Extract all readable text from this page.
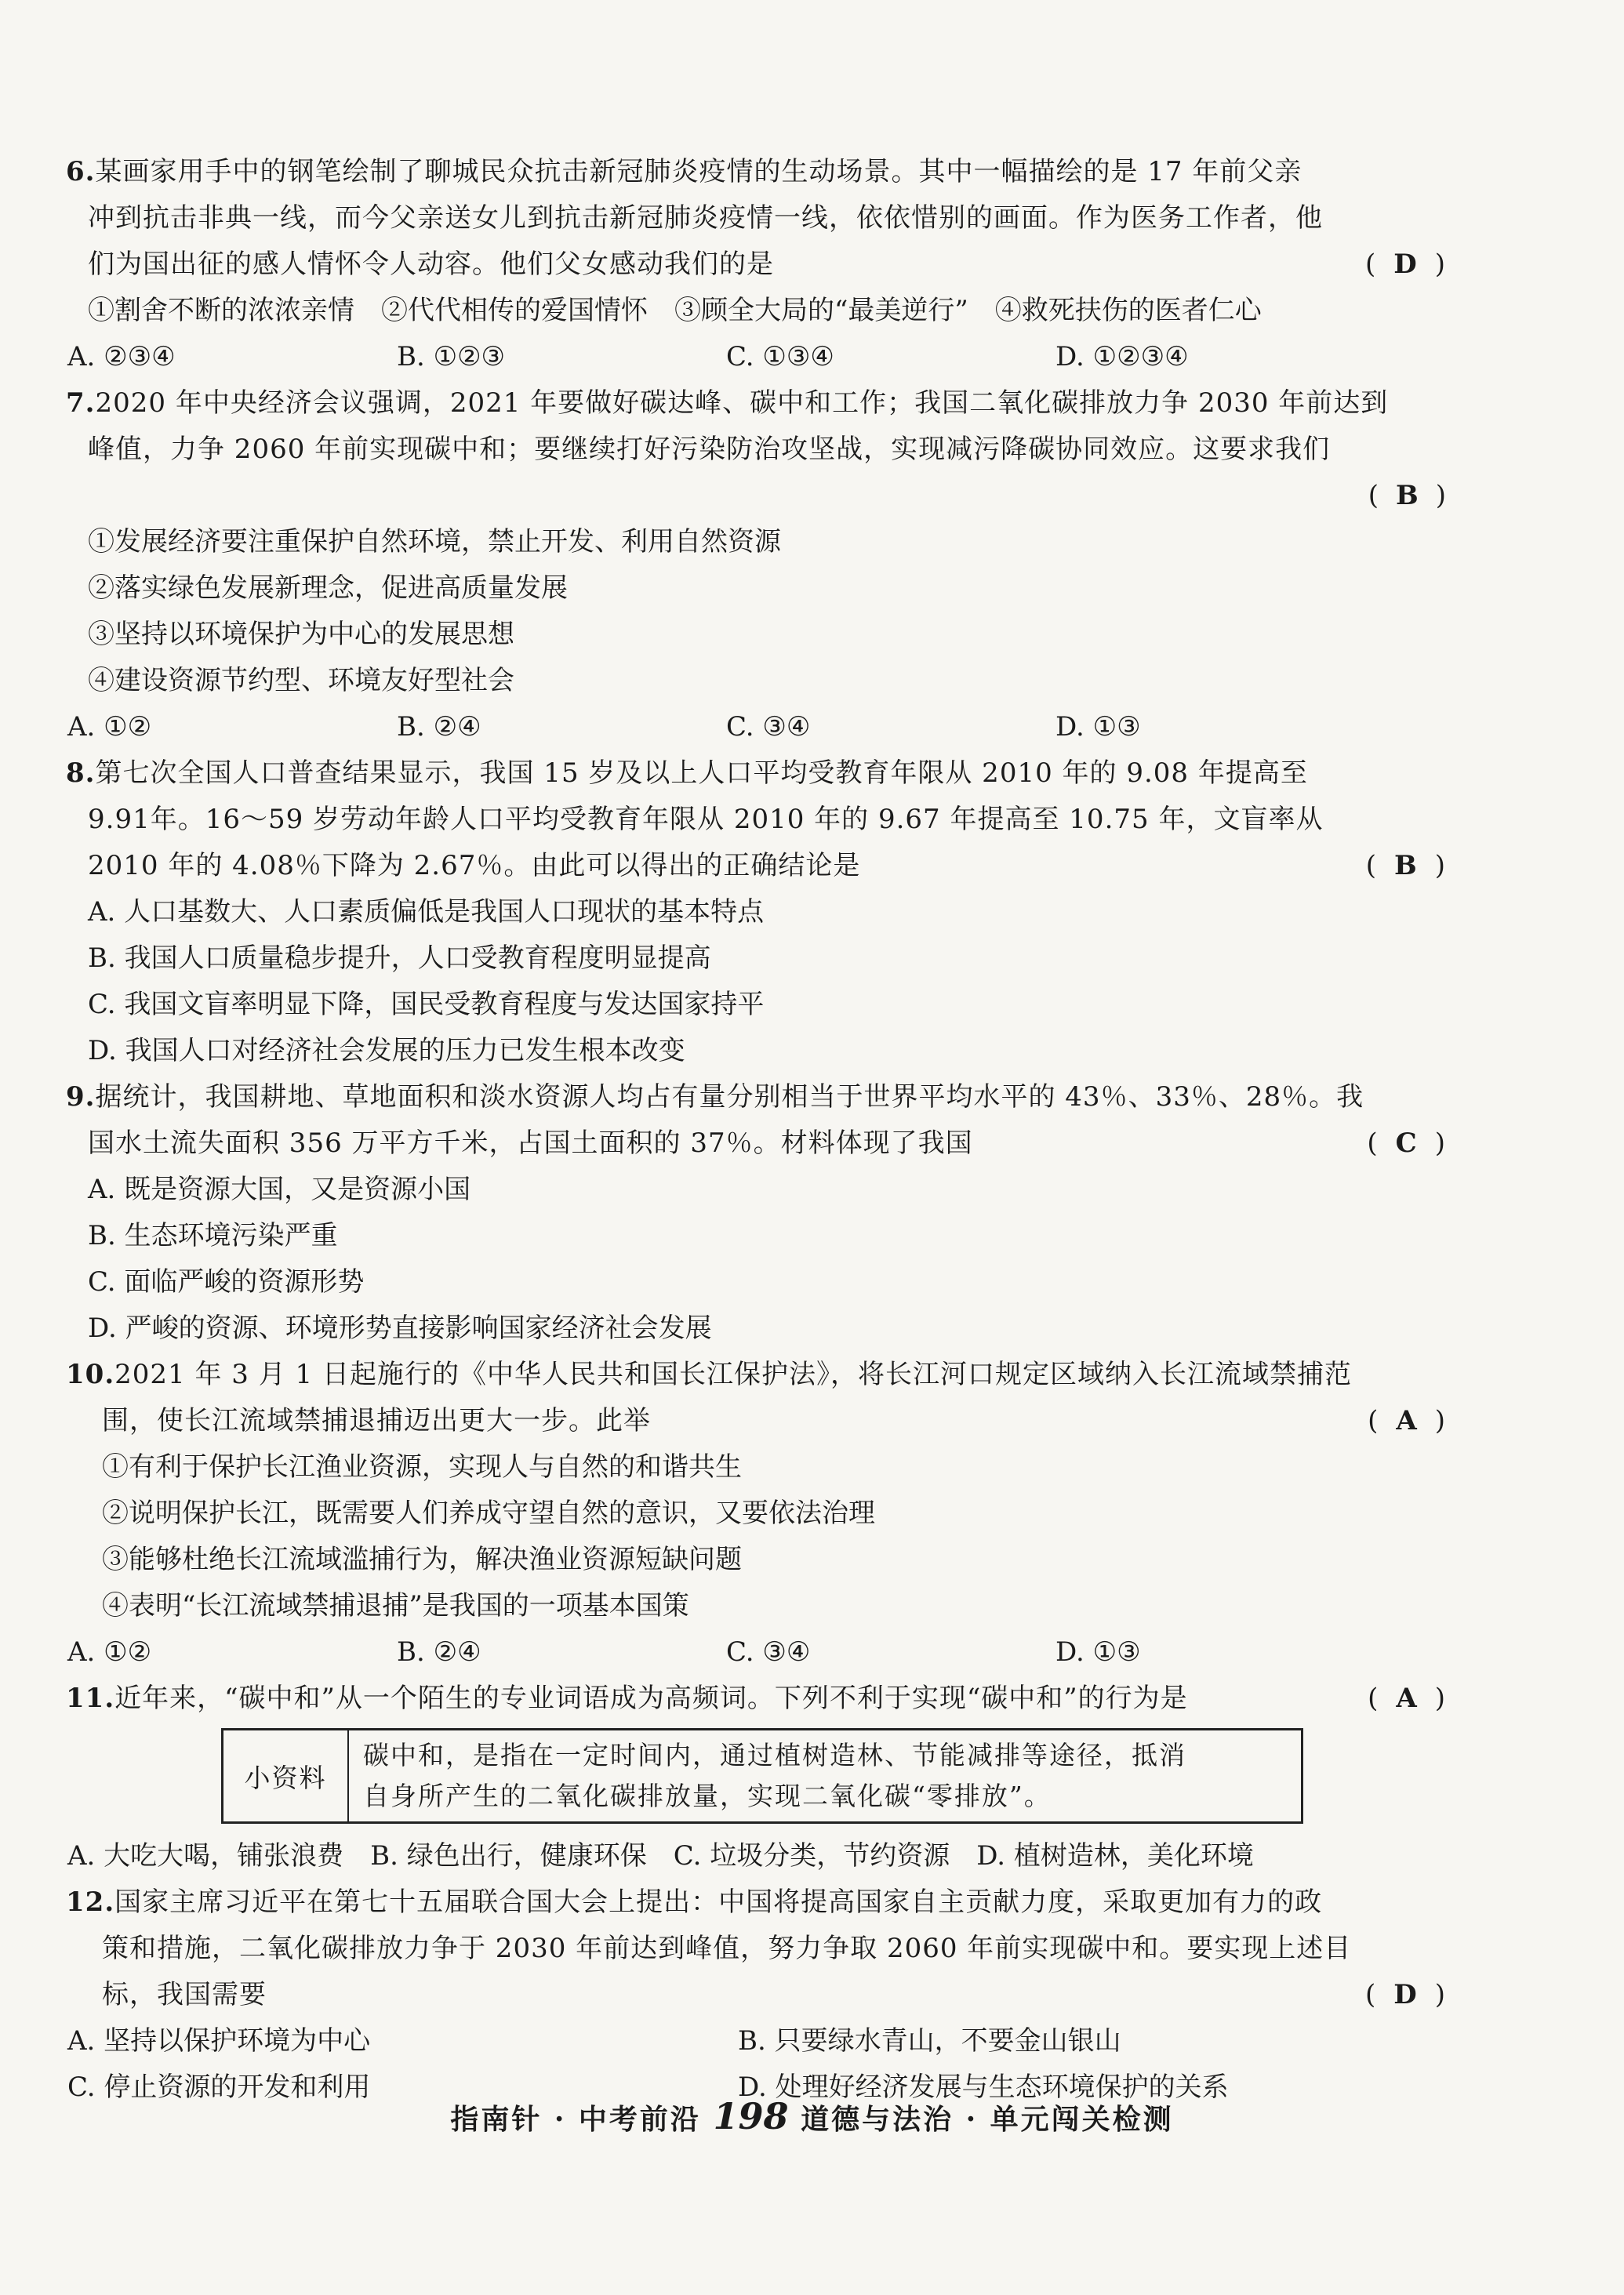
6.某画家用手中的钢笔绘制了聊城民众抗击新冠肺炎疫情的生动场景。其中一幅描绘的是 17 年前父亲
冲到抗击非典一线，而今父亲送女儿到抗击新冠肺炎疫情一线，依依惜别的画面。作为医务工作者，他
们为国出征的感人情怀令人动容。他们父女感动我们的是	( D )
①割舍不断的浓浓亲情　②代代相传的爱国情怀　③顾全大局的“最美逆行”　④救死扶伤的医者仁心
A. ②③④	B. ①②③	C. ①③④	D. ①②③④
7.2020 年中央经济会议强调，2021 年要做好碳达峰、碳中和工作；我国二氧化碳排放力争 2030 年前达到
峰值，力争 2060 年前实现碳中和；要继续打好污染防治攻坚战，实现减污降碳协同效应。这要求我们
( B )
①发展经济要注重保护自然环境，禁止开发、利用自然资源
②落实绿色发展新理念，促进高质量发展
③坚持以环境保护为中心的发展思想
④建设资源节约型、环境友好型社会
A. ①②	B. ②④	C. ③④	D. ①③
8.第七次全国人口普查结果显示，我国 15 岁及以上人口平均受教育年限从 2010 年的 9.08 年提高至
9.91年。16～59 岁劳动年龄人口平均受教育年限从 2010 年的 9.67 年提高至 10.75 年，文盲率从
2010 年的 4.08％下降为 2.67％。由此可以得出的正确结论是	( B )
A. 人口基数大、人口素质偏低是我国人口现状的基本特点
B. 我国人口质量稳步提升，人口受教育程度明显提高
C. 我国文盲率明显下降，国民受教育程度与发达国家持平
D. 我国人口对经济社会发展的压力已发生根本改变
9.据统计，我国耕地、草地面积和淡水资源人均占有量分别相当于世界平均水平的 43％、33％、28％。我
国水土流失面积 356 万平方千米，占国土面积的 37％。材料体现了我国	( C )
A. 既是资源大国，又是资源小国
B. 生态环境污染严重
C. 面临严峻的资源形势
D. 严峻的资源、环境形势直接影响国家经济社会发展
10.2021 年 3 月 1 日起施行的《中华人民共和国长江保护法》，将长江河口规定区域纳入长江流域禁捕范
围，使长江流域禁捕退捕迈出更大一步。此举	( A )
①有利于保护长江渔业资源，实现人与自然的和谐共生
②说明保护长江，既需要人们养成守望自然的意识，又要依法治理
③能够杜绝长江流域滥捕行为，解决渔业资源短缺问题
④表明“长江流域禁捕退捕”是我国的一项基本国策
A. ①②	B. ②④	C. ③④	D. ①③
11.近年来，“碳中和”从一个陌生的专业词语成为高频词。下列不利于实现“碳中和”的行为是	( A )
小资料
碳中和，是指在一定时间内，通过植树造林、节能减排等途径，抵消
自身所产生的二氧化碳排放量，实现二氧化碳“零排放”。
A. 大吃大喝，铺张浪费 B. 绿色出行，健康环保 C. 垃圾分类，节约资源 D. 植树造林，美化环境
12.国家主席习近平在第七十五届联合国大会上提出：中国将提高国家自主贡献力度，采取更加有力的政
策和措施，二氧化碳排放力争于 2030 年前达到峰值，努力争取 2060 年前实现碳中和。要实现上述目
标，我国需要	( D )
A. 坚持以保护环境为中心	B. 只要绿水青山，不要金山银山
C. 停止资源的开发和利用	D. 处理好经济发展与生态环境保护的关系
指南针 · 中考前沿 198 道德与法治 · 单元闯关检测
